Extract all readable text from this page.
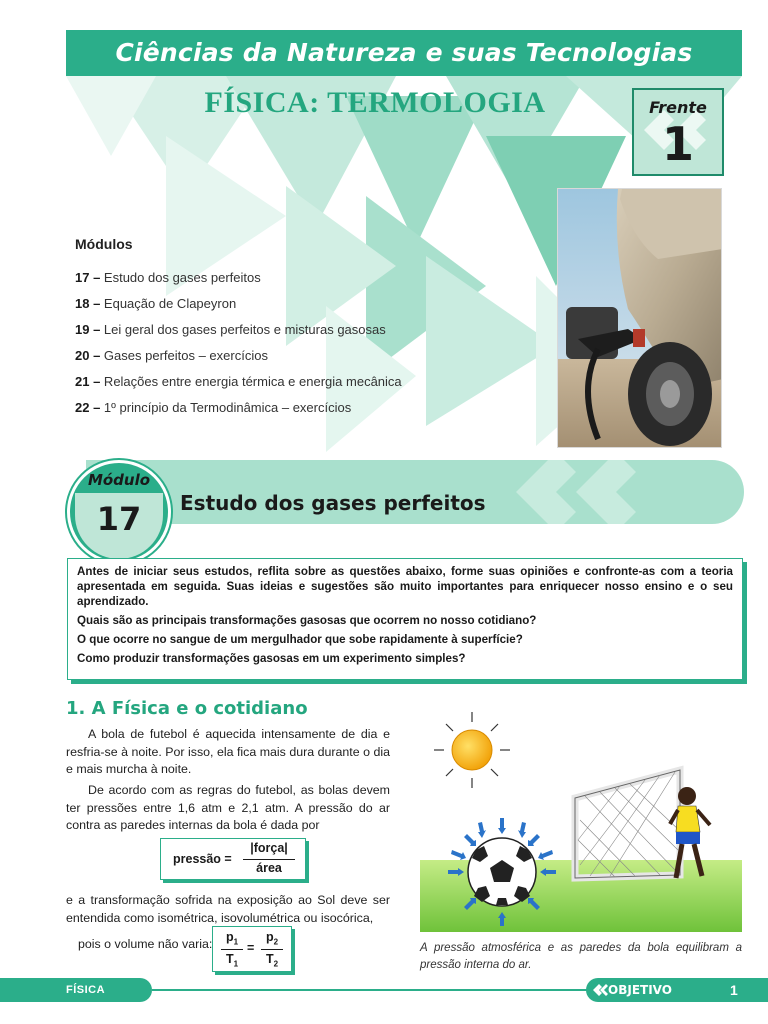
Ciências da Natureza e suas Tecnologias
FÍSICA: TERMOLOGIA	Frente
1
Módulos
17 – Estudo dos gases perfeitos
18 – Equação de Clapeyron
19 – Lei geral dos gases perfeitos e misturas gasosas
20 – Gases perfeitos – exercícios
21 – Relações entre energia térmica e energia mecânica
22 – 1º princípio da Termodinâmica – exercícios
Módulo
17	Estudo dos gases perfeitos

Antes de iniciar seus estudos, reflita sobre as questões abaixo, forme suas opiniões e confronte-as com a teoria apresentada em seguida. Suas ideias e sugestões são muito importantes para enriquecer nosso ensino e o seu aprendizado.

Quais são as principais transformações gasosas que ocorrem no nosso cotidiano?

O que ocorre no sangue de um mergulhador que sobe rapidamente à superfície?

Como produzir transformações gasosas em um experimento simples?

1. A Física e o cotidiano

A bola de futebol é aquecida intensamente de dia e resfria-se à noite. Por isso, ela fica mais dura durante o dia e mais murcha à noite.

De acordo com as regras do futebol, as bolas devem ter pressões entre 1,6 atm e 2,1 atm. A pressão do ar contra as paredes internas da bola é dada por

pressão =
|força|
área

e a transformação sofrida na exposição ao Sol deve ser entendida como isométrica, isovolumétrica ou isocórica,

pois o volume não varia:	$p_1$
$T_1$
=
$p_2$
$T_2$

A pressão atmosférica e as paredes da bola equilibram a pressão interna do ar.

FÍSICA	OBJETIVO	1
